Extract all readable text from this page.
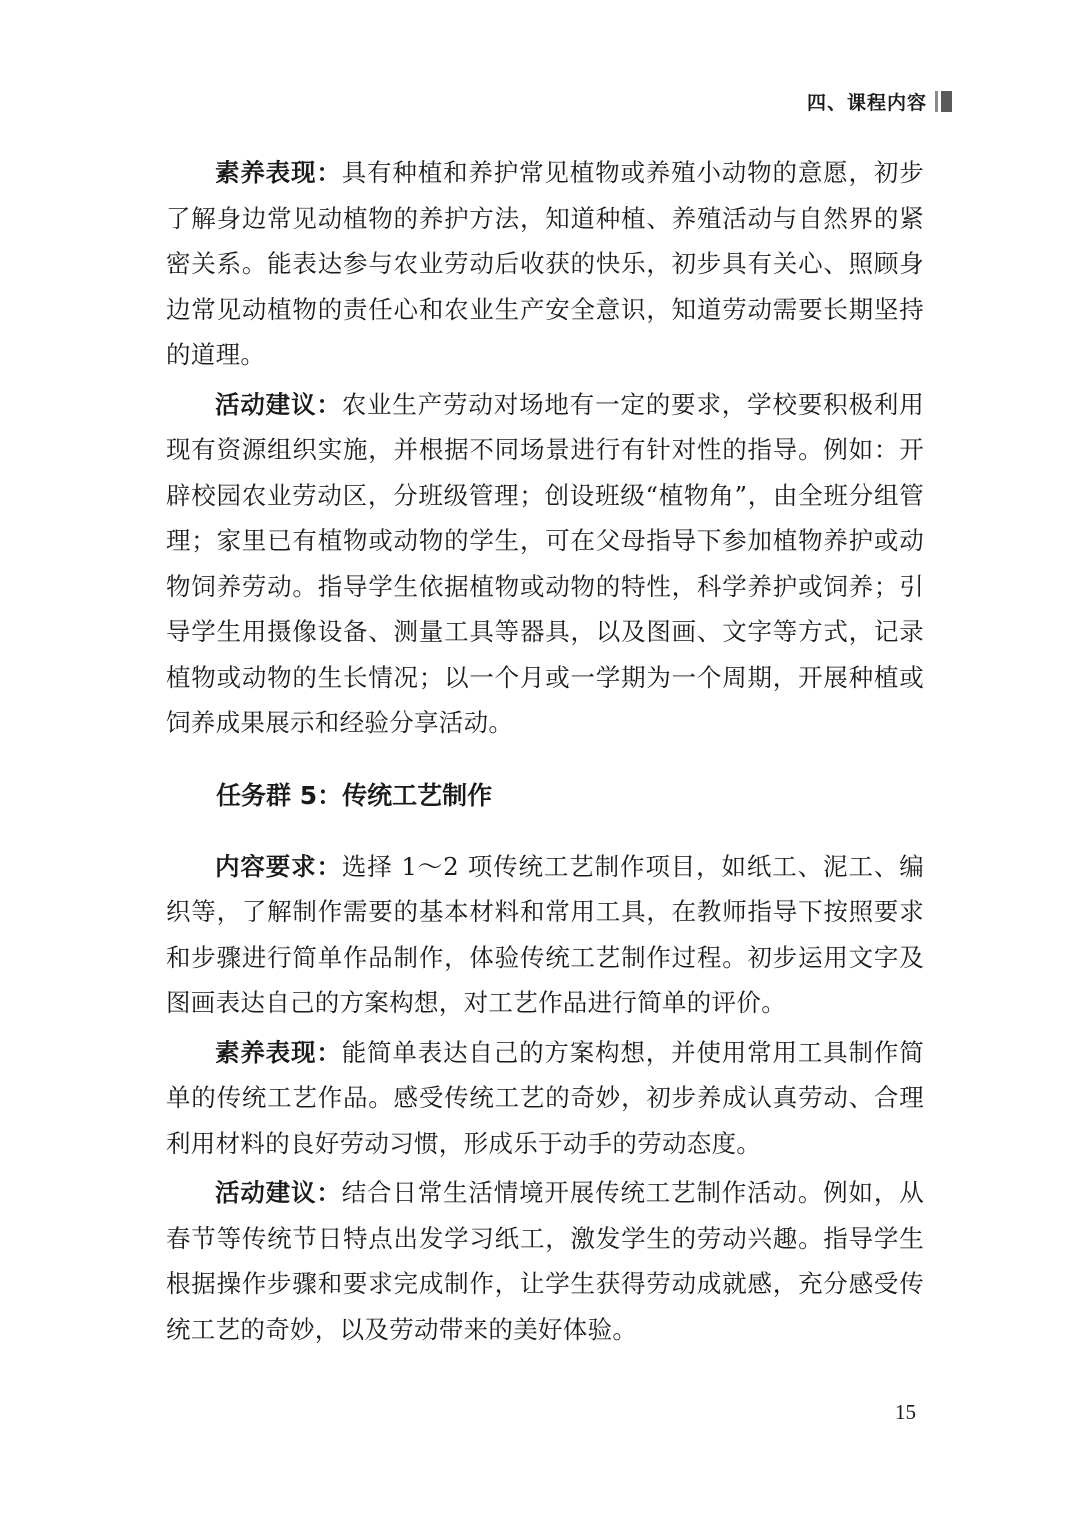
四、课程内容

素养表现：具有种植和养护常见植物或养殖小动物的意愿，初步了解身边常见动植物的养护方法，知道种植、养殖活动与自然界的紧密关系。能表达参与农业劳动后收获的快乐，初步具有关心、照顾身边常见动植物的责任心和农业生产安全意识，知道劳动需要长期坚持的道理。

活动建议：农业生产劳动对场地有一定的要求，学校要积极利用现有资源组织实施，并根据不同场景进行有针对性的指导。例如：开辟校园农业劳动区，分班级管理；创设班级“植物角”，由全班分组管理；家里已有植物或动物的学生，可在父母指导下参加植物养护或动物饲养劳动。指导学生依据植物或动物的特性，科学养护或饲养；引导学生用摄像设备、测量工具等器具，以及图画、文字等方式，记录植物或动物的生长情况；以一个月或一学期为一个周期，开展种植或饲养成果展示和经验分享活动。

任务群 5：传统工艺制作

内容要求：选择 1～2 项传统工艺制作项目，如纸工、泥工、编织等，了解制作需要的基本材料和常用工具，在教师指导下按照要求和步骤进行简单作品制作，体验传统工艺制作过程。初步运用文字及图画表达自己的方案构想，对工艺作品进行简单的评价。

素养表现：能简单表达自己的方案构想，并使用常用工具制作简单的传统工艺作品。感受传统工艺的奇妙，初步养成认真劳动、合理利用材料的良好劳动习惯，形成乐于动手的劳动态度。

活动建议：结合日常生活情境开展传统工艺制作活动。例如，从春节等传统节日特点出发学习纸工，激发学生的劳动兴趣。指导学生根据操作步骤和要求完成制作，让学生获得劳动成就感，充分感受传统工艺的奇妙，以及劳动带来的美好体验。

15
